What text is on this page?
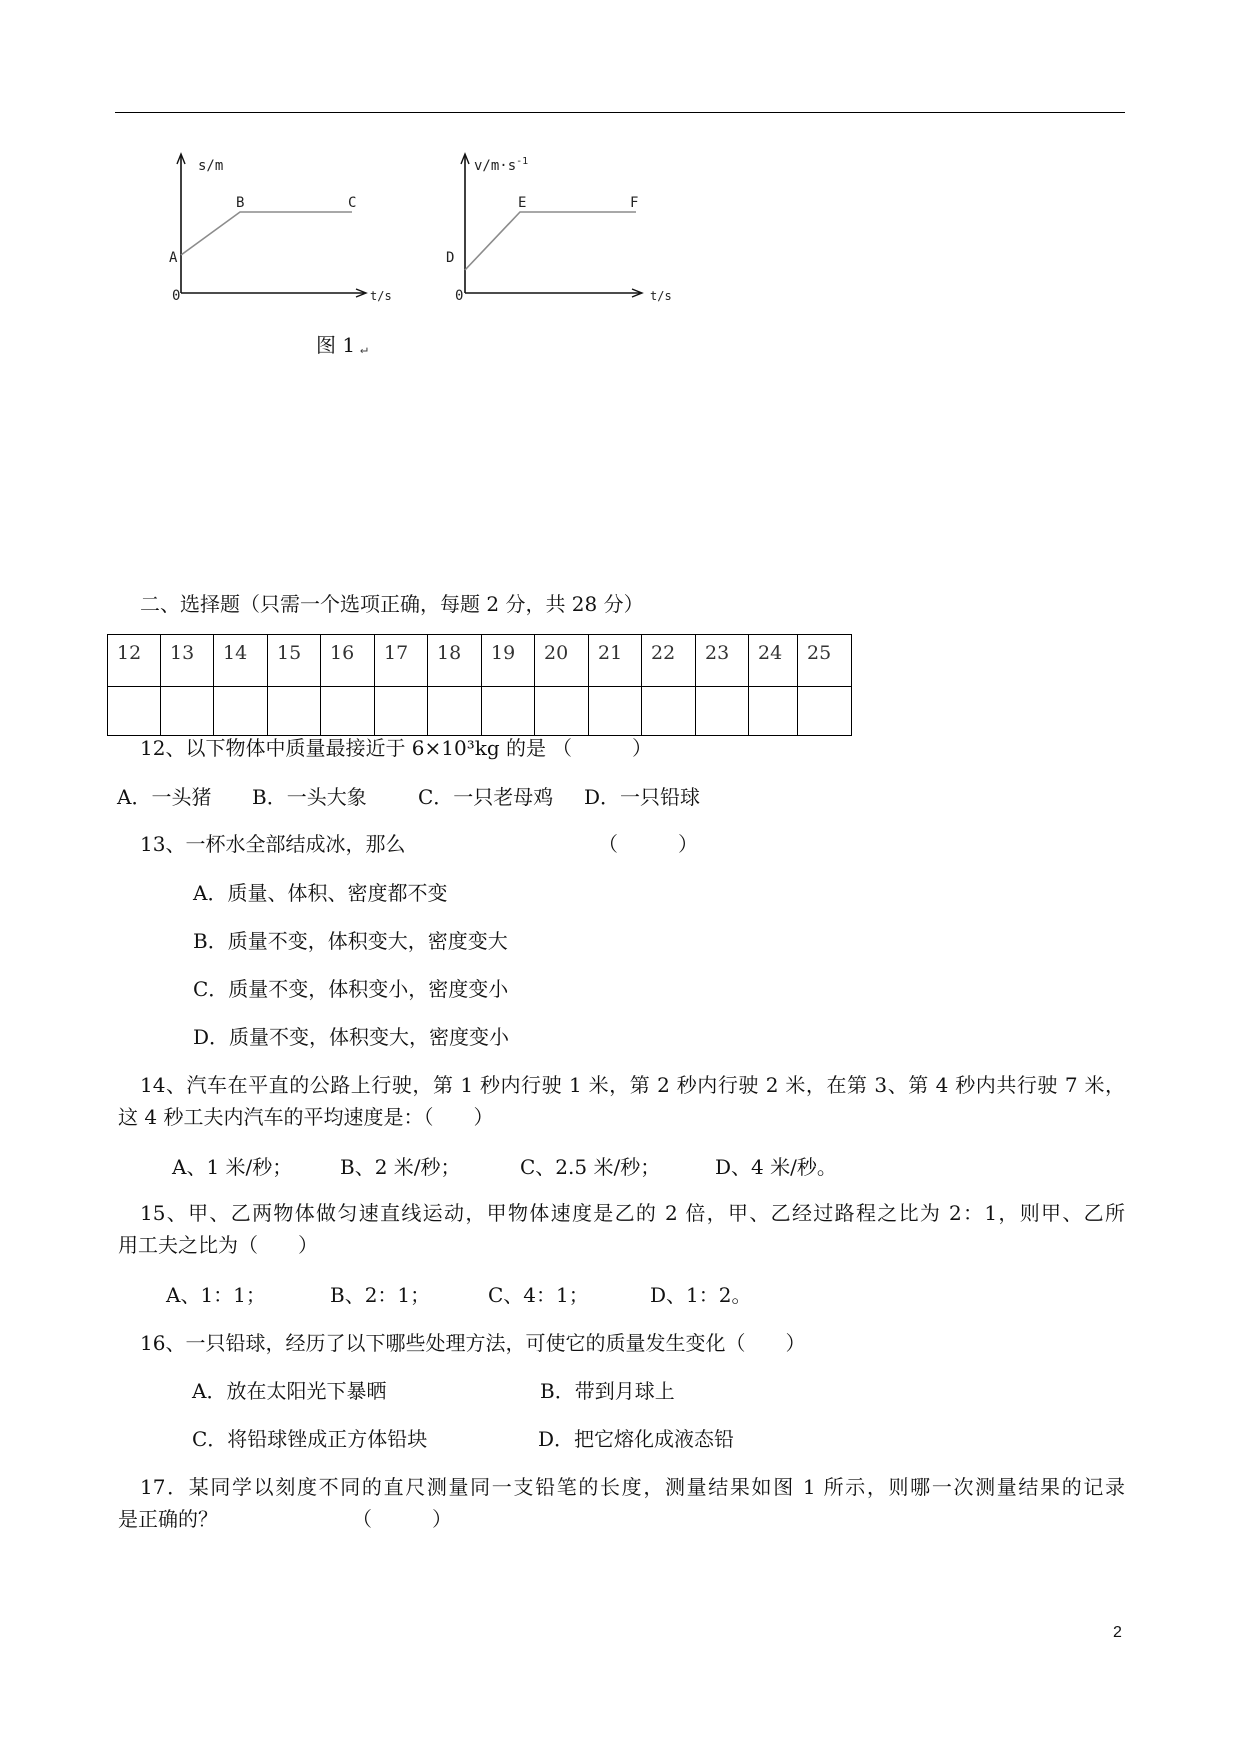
s/m
B	C
A
0	t/s
$v/m\cdot s^{-1}$
E	F
D
0	t/s
图 1 ↵
二、选择题（只需一个选项正确，每题 2 分，共 28 分）
12	13	14	15	16	17	18	19	20	21	22	23	24	25

12、以下物体中质量最接近于 6×10³kg 的是 （　　　）
A．一头猪 B．一头大象	C．一只老母鸡 D．一只铅球
13、一杯水全部结成冰，那么	（　　　）
A．质量、体积、密度都不变
B．质量不变，体积变大，密度变大
C．质量不变，体积变小，密度变小
D．质量不变，体积变大，密度变小
14、汽车在平直的公路上行驶，第 1 秒内行驶 1 米，第 2 秒内行驶 2 米，在第 3、第 4 秒内共行驶 7 米，
这 4 秒工夫内汽车的平均速度是：（　　）
A、1 米/秒； B、2 米/秒；	C、2.5 米/秒；	D、4 米/秒。
15、甲、乙两物体做匀速直线运动，甲物体速度是乙的 2 倍，甲、乙经过路程之比为 2：1，则甲、乙所
用工夫之比为（　　）
A、1：1；	B、2：1；	C、4：1；	D、1：2。
16、一只铅球，经历了以下哪些处理方法，可使它的质量发生变化（　　）
A．放在太阳光下暴晒	B．带到月球上
C．将铅球锉成正方体铅块	D．把它熔化成液态铅
17．某同学以刻度不同的直尺测量同一支铅笔的长度，测量结果如图 1 所示，则哪一次测量结果的记录
是正确的？	（　　　）
2
